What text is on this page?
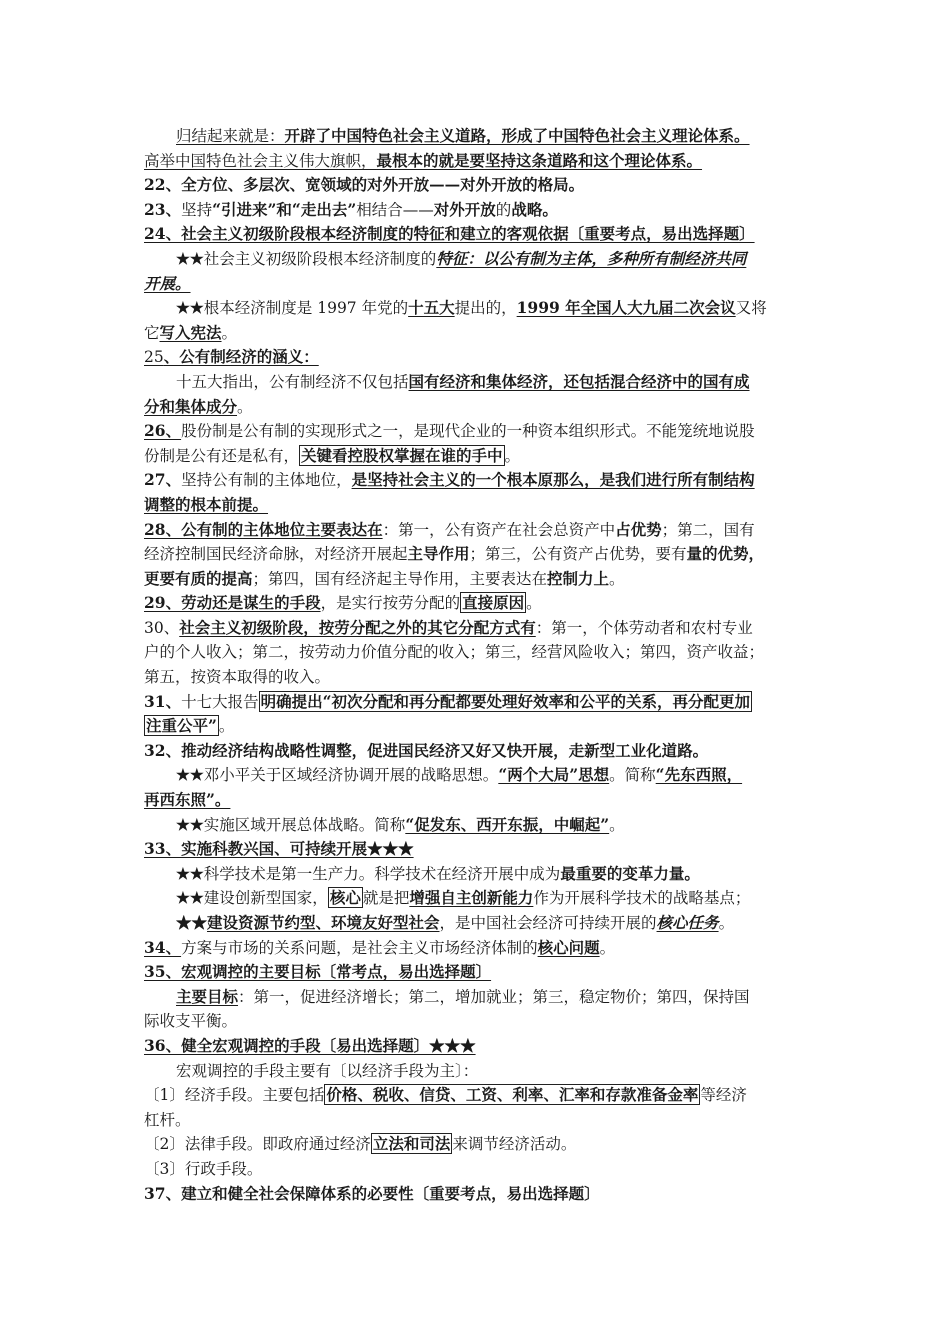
归结起来就是：开辟了中国特色社会主义道路，形成了中国特色社会主义理论体系。
高举中国特色社会主义伟大旗帜，最根本的就是要坚持这条道路和这个理论体系。
22、全方位、多层次、宽领域的对外开放——对外开放的格局。
23、坚持“引进来”和“走出去”相结合——对外开放的战略。
24、社会主义初级阶段根本经济制度的特征和建立的客观依据〔重要考点，易出选择题〕
★★社会主义初级阶段根本经济制度的特征：以公有制为主体，多种所有制经济共同
开展。
★★根本经济制度是 1997 年党的十五大提出的，1999 年全国人大九届二次会议又将
它写入宪法。
25、公有制经济的涵义：
十五大指出，公有制经济不仅包括国有经济和集体经济，还包括混合经济中的国有成
分和集体成分。
26、股份制是公有制的实现形式之一，是现代企业的一种资本组织形式。不能笼统地说股
份制是公有还是私有， 关键看控股权掌握在谁的手中 。
27、坚持公有制的主体地位，是坚持社会主义的一个根本原那么，是我们进行所有制结构
调整的根本前提。
28、公有制的主体地位主要表达在：第一，公有资产在社会总资产中占优势；第二，国有
经济控制国民经济命脉，对经济开展起主导作用；第三，公有资产占优势，要有量的优势，
更要有质的提高；第四，国有经济起主导作用，主要表达在控制力上。
29、劳动还是谋生的手段，是实行按劳分配的 直接原因 。
30、社会主义初级阶段，按劳分配之外的其它分配方式有：第一，个体劳动者和农村专业
户的个人收入；第二，按劳动力价值分配的收入；第三，经营风险收入；第四，资产收益；
第五，按资本取得的收入。
31、十七大报告 明确提出“初次分配和再分配都要处理好效率和公平的关系，再分配更加
注重公平” 。
32、推动经济结构战略性调整，促进国民经济又好又快开展，走新型工业化道路。
★★邓小平关于区域经济协调开展的战略思想。“两个大局”思想。简称“先东西照，
再西东照”。
★★实施区域开展总体战略。简称“促发东、西开东振，中崛起”。
33、实施科教兴国、可持续开展★★★
★★科学技术是第一生产力。科学技术在经济开展中成为最重要的变革力量。
★★建设创新型国家， 核心 就是把增强自主创新能力作为开展科学技术的战略基点；
★★建设资源节约型、环境友好型社会，是中国社会经济可持续开展的核心任务。
34、方案与市场的关系问题，是社会主义市场经济体制的核心问题。
35、宏观调控的主要目标〔常考点，易出选择题〕
主要目标：第一，促进经济增长；第二，增加就业；第三，稳定物价；第四，保持国
际收支平衡。
36、健全宏观调控的手段〔易出选择题〕★★★
宏观调控的手段主要有〔以经济手段为主〕：
〔1〕经济手段。主要包括 价格、税收、信贷、工资、利率、汇率和存款准备金率 等经济
杠杆。
〔2〕法律手段。即政府通过经济 立法和司法 来调节经济活动。
〔3〕行政手段。
37、建立和健全社会保障体系的必要性〔重要考点，易出选择题〕
